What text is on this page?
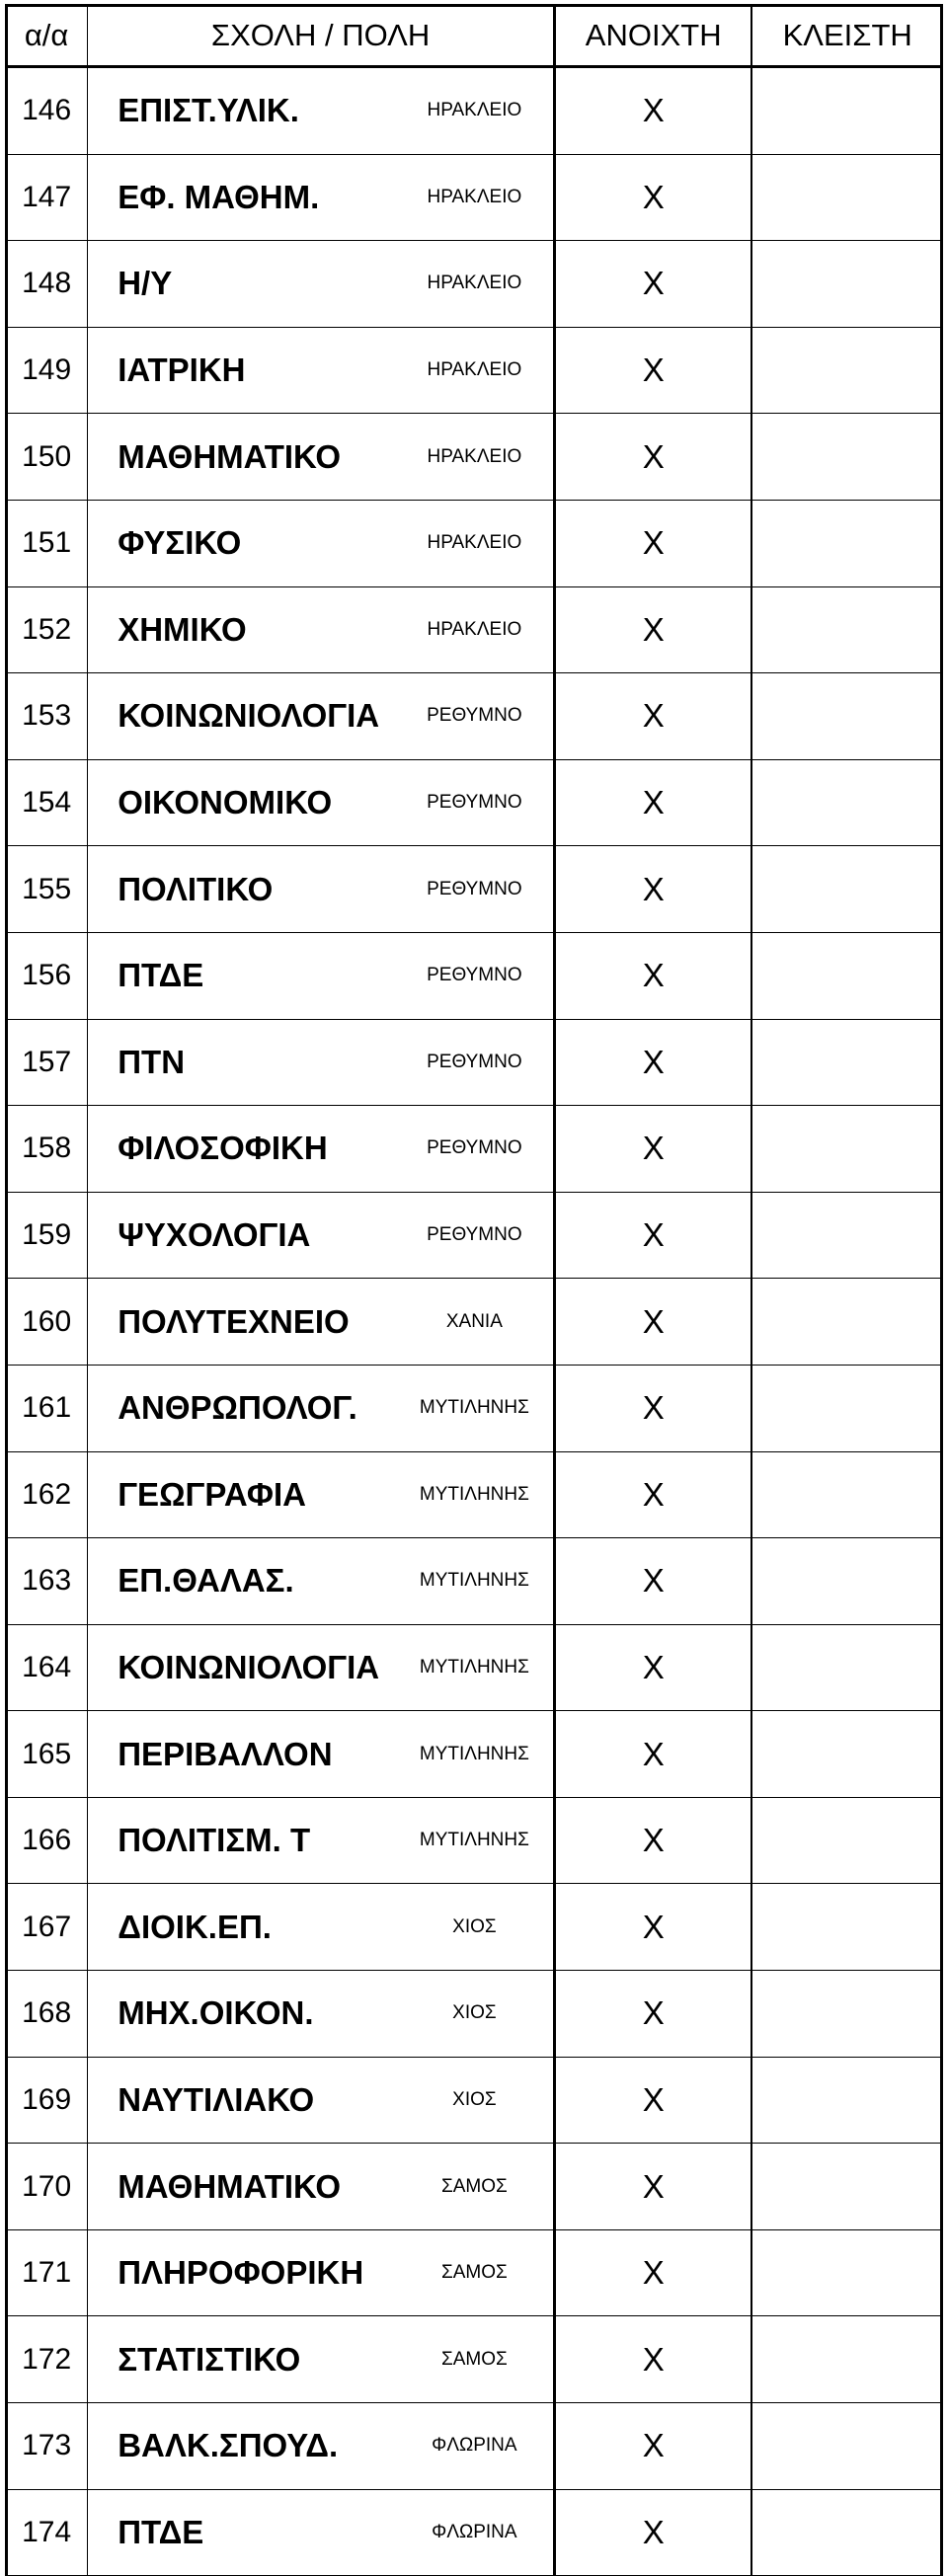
α/α	ΣΧΟΛΗ / ΠΟΛΗ		ΑΝΟΙΧΤΗ	ΚΛΕΙΣΤΗ
146	ΕΠΙΣΤ.ΥΛΙΚ.	ΗΡΑΚΛΕΙΟ	Χ	
147	ΕΦ. ΜΑΘΗΜ.	ΗΡΑΚΛΕΙΟ	Χ	
148	Η/Υ	ΗΡΑΚΛΕΙΟ	Χ	
149	ΙΑΤΡΙΚΗ	ΗΡΑΚΛΕΙΟ	Χ	
150	ΜΑΘΗΜΑΤΙΚΟ	ΗΡΑΚΛΕΙΟ	Χ	
151	ΦΥΣΙΚΟ	ΗΡΑΚΛΕΙΟ	Χ	
152	ΧΗΜΙΚΟ	ΗΡΑΚΛΕΙΟ	Χ	
153	ΚΟΙΝΩΝΙΟΛΟΓΙΑ	ΡΕΘΥΜΝΟ	Χ	
154	ΟΙΚΟΝΟΜΙΚΟ	ΡΕΘΥΜΝΟ	Χ	
155	ΠΟΛΙΤΙΚΟ	ΡΕΘΥΜΝΟ	Χ	
156	ΠΤΔΕ	ΡΕΘΥΜΝΟ	Χ	
157	ΠΤΝ	ΡΕΘΥΜΝΟ	Χ	
158	ΦΙΛΟΣΟΦΙΚΗ	ΡΕΘΥΜΝΟ	Χ	
159	ΨΥΧΟΛΟΓΙΑ	ΡΕΘΥΜΝΟ	Χ	
160	ΠΟΛΥΤΕΧΝΕΙΟ	ΧΑΝΙΑ	Χ	
161	ΑΝΘΡΩΠΟΛΟΓ.	ΜΥΤΙΛΗΝΗΣ	Χ	
162	ΓΕΩΓΡΑΦΙΑ	ΜΥΤΙΛΗΝΗΣ	Χ	
163	ΕΠ.ΘΑΛΑΣ.	ΜΥΤΙΛΗΝΗΣ	Χ	
164	ΚΟΙΝΩΝΙΟΛΟΓΙΑ	ΜΥΤΙΛΗΝΗΣ	Χ	
165	ΠΕΡΙΒΑΛΛΟΝ	ΜΥΤΙΛΗΝΗΣ	Χ	
166	ΠΟΛΙΤΙΣΜ. Τ	ΜΥΤΙΛΗΝΗΣ	Χ	
167	ΔΙΟΙΚ.ΕΠ.	ΧΙΟΣ	Χ	
168	ΜΗΧ.ΟΙΚΟΝ.	ΧΙΟΣ	Χ	
169	ΝΑΥΤΙΛΙΑΚΟ	ΧΙΟΣ	Χ	
170	ΜΑΘΗΜΑΤΙΚΟ	ΣΑΜΟΣ	Χ	
171	ΠΛΗΡΟΦΟΡΙΚΗ	ΣΑΜΟΣ	Χ	
172	ΣΤΑΤΙΣΤΙΚΟ	ΣΑΜΟΣ	Χ	
173	ΒΑΛΚ.ΣΠΟΥΔ.	ΦΛΩΡΙΝΑ	Χ	
174	ΠΤΔΕ	ΦΛΩΡΙΝΑ	Χ	
